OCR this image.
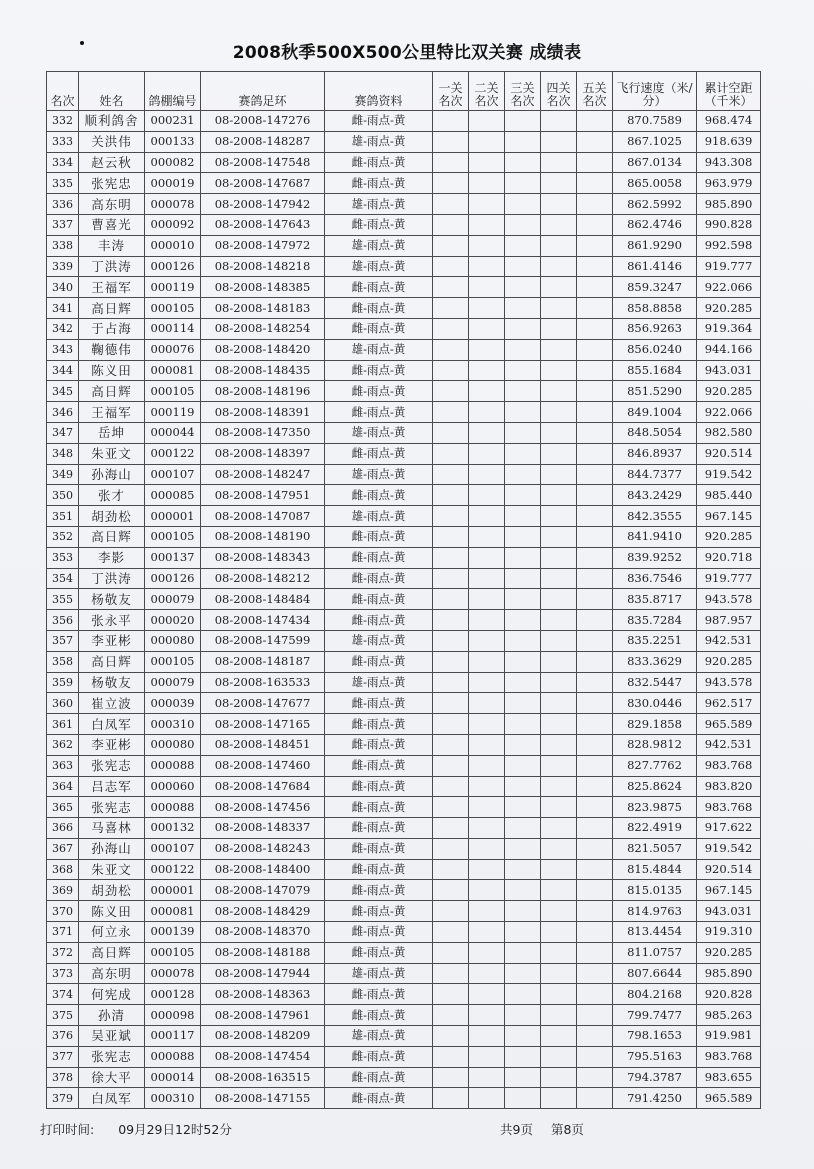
2008秋季500X500公里特比双关赛 成绩表
名次	姓名	鸽棚编号	赛鸽足环	赛鸽资料	一关名次	二关名次	三关名次	四关名次	五关名次	飞行速度（米/分）	累计空距（千米）
332	顺利鸽舍	000231	08-2008-147276	雌-雨点-黄						870.7589	968.474
333	关洪伟	000133	08-2008-148287	雄-雨点-黄						867.1025	918.639
334	赵云秋	000082	08-2008-147548	雌-雨点-黄						867.0134	943.308
335	张宪忠	000019	08-2008-147687	雌-雨点-黄						865.0058	963.979
336	高东明	000078	08-2008-147942	雄-雨点-黄						862.5992	985.890
337	曹喜光	000092	08-2008-147643	雌-雨点-黄						862.4746	990.828
338	丰涛	000010	08-2008-147972	雄-雨点-黄						861.9290	992.598
339	丁洪涛	000126	08-2008-148218	雄-雨点-黄						861.4146	919.777
340	王福军	000119	08-2008-148385	雌-雨点-黄						859.3247	922.066
341	高日辉	000105	08-2008-148183	雌-雨点-黄						858.8858	920.285
342	于占海	000114	08-2008-148254	雌-雨点-黄						856.9263	919.364
343	鞠德伟	000076	08-2008-148420	雄-雨点-黄						856.0240	944.166
344	陈义田	000081	08-2008-148435	雌-雨点-黄						855.1684	943.031
345	高日辉	000105	08-2008-148196	雌-雨点-黄						851.5290	920.285
346	王福军	000119	08-2008-148391	雌-雨点-黄						849.1004	922.066
347	岳坤	000044	08-2008-147350	雄-雨点-黄						848.5054	982.580
348	朱亚文	000122	08-2008-148397	雌-雨点-黄						846.8937	920.514
349	孙海山	000107	08-2008-148247	雄-雨点-黄						844.7377	919.542
350	张才	000085	08-2008-147951	雌-雨点-黄						843.2429	985.440
351	胡劲松	000001	08-2008-147087	雄-雨点-黄						842.3555	967.145
352	高日辉	000105	08-2008-148190	雌-雨点-黄						841.9410	920.285
353	李影	000137	08-2008-148343	雌-雨点-黄						839.9252	920.718
354	丁洪涛	000126	08-2008-148212	雌-雨点-黄						836.7546	919.777
355	杨敬友	000079	08-2008-148484	雌-雨点-黄						835.8717	943.578
356	张永平	000020	08-2008-147434	雌-雨点-黄						835.7284	987.957
357	李亚彬	000080	08-2008-147599	雄-雨点-黄						835.2251	942.531
358	高日辉	000105	08-2008-148187	雌-雨点-黄						833.3629	920.285
359	杨敬友	000079	08-2008-163533	雄-雨点-黄						832.5447	943.578
360	崔立波	000039	08-2008-147677	雌-雨点-黄						830.0446	962.517
361	白凤军	000310	08-2008-147165	雌-雨点-黄						829.1858	965.589
362	李亚彬	000080	08-2008-148451	雌-雨点-黄						828.9812	942.531
363	张宪志	000088	08-2008-147460	雌-雨点-黄						827.7762	983.768
364	吕志军	000060	08-2008-147684	雌-雨点-黄						825.8624	983.820
365	张宪志	000088	08-2008-147456	雌-雨点-黄						823.9875	983.768
366	马喜林	000132	08-2008-148337	雌-雨点-黄						822.4919	917.622
367	孙海山	000107	08-2008-148243	雌-雨点-黄						821.5057	919.542
368	朱亚文	000122	08-2008-148400	雌-雨点-黄						815.4844	920.514
369	胡劲松	000001	08-2008-147079	雌-雨点-黄						815.0135	967.145
370	陈义田	000081	08-2008-148429	雌-雨点-黄						814.9763	943.031
371	何立永	000139	08-2008-148370	雌-雨点-黄						813.4454	919.310
372	高日辉	000105	08-2008-148188	雌-雨点-黄						811.0757	920.285
373	高东明	000078	08-2008-147944	雄-雨点-黄						807.6644	985.890
374	何宪成	000128	08-2008-148363	雌-雨点-黄						804.2168	920.828
375	孙清	000098	08-2008-147961	雌-雨点-黄						799.7477	985.263
376	吴亚斌	000117	08-2008-148209	雄-雨点-黄						798.1653	919.981
377	张宪志	000088	08-2008-147454	雌-雨点-黄						795.5163	983.768
378	徐大平	000014	08-2008-163515	雌-雨点-黄						794.3787	983.655
379	白凤军	000310	08-2008-147155	雌-雨点-黄						791.4250	965.589
打印时间: 09月29日12时52分	共9页 第8页
